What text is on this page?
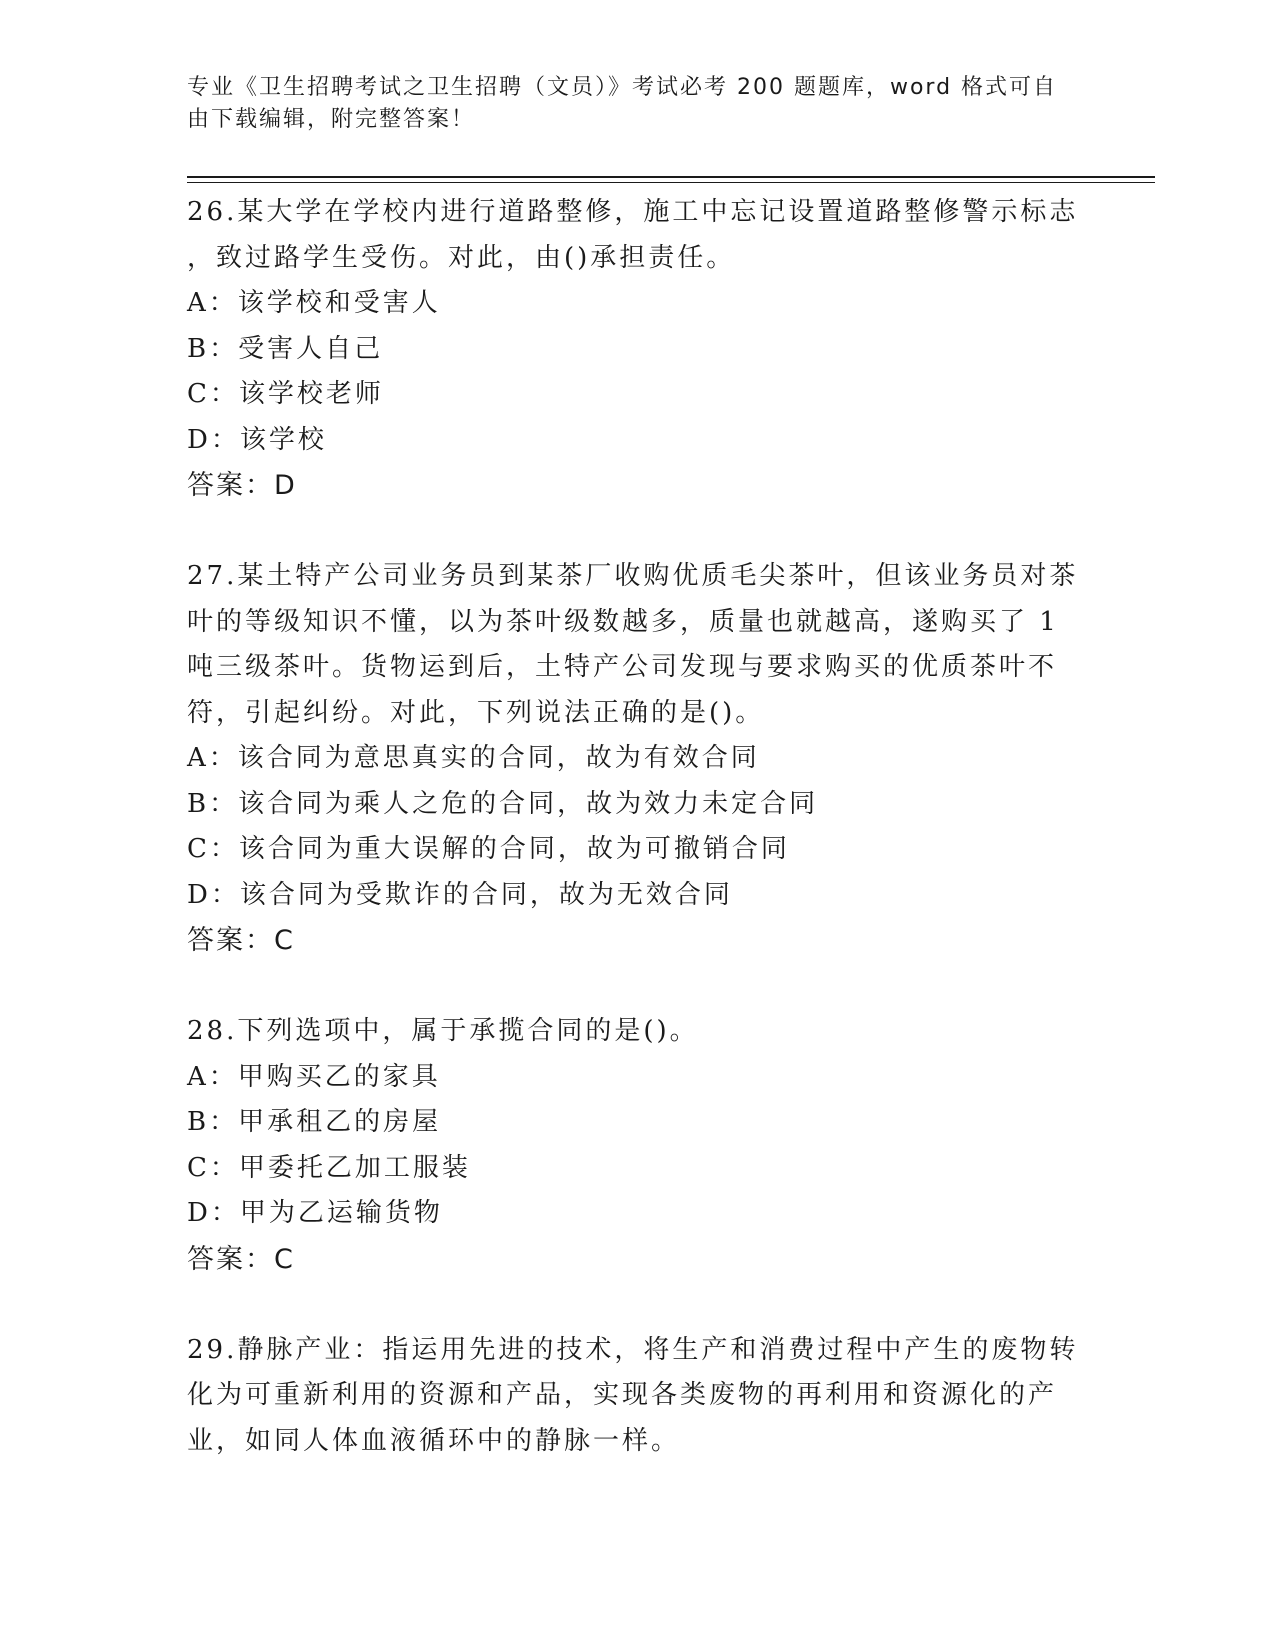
专业《卫生招聘考试之卫生招聘（文员）》考试必考 200 题题库，word 格式可自
由下载编辑，附完整答案！
26.某大学在学校内进行道路整修，施工中忘记设置道路整修警示标志
，致过路学生受伤。对此，由()承担责任。
A：该学校和受害人
B：受害人自己
C：该学校老师
D：该学校
答案：D
27.某土特产公司业务员到某茶厂收购优质毛尖茶叶，但该业务员对茶
叶的等级知识不懂，以为茶叶级数越多，质量也就越高，遂购买了 1
吨三级茶叶。货物运到后，土特产公司发现与要求购买的优质茶叶不
符，引起纠纷。对此，下列说法正确的是()。
A：该合同为意思真实的合同，故为有效合同
B：该合同为乘人之危的合同，故为效力未定合同
C：该合同为重大误解的合同，故为可撤销合同
D：该合同为受欺诈的合同，故为无效合同
答案：C
28.下列选项中，属于承揽合同的是()。
A：甲购买乙的家具
B：甲承租乙的房屋
C：甲委托乙加工服装
D：甲为乙运输货物
答案：C
29.静脉产业：指运用先进的技术，将生产和消费过程中产生的废物转
化为可重新利用的资源和产品，实现各类废物的再利用和资源化的产
业，如同人体血液循环中的静脉一样。
